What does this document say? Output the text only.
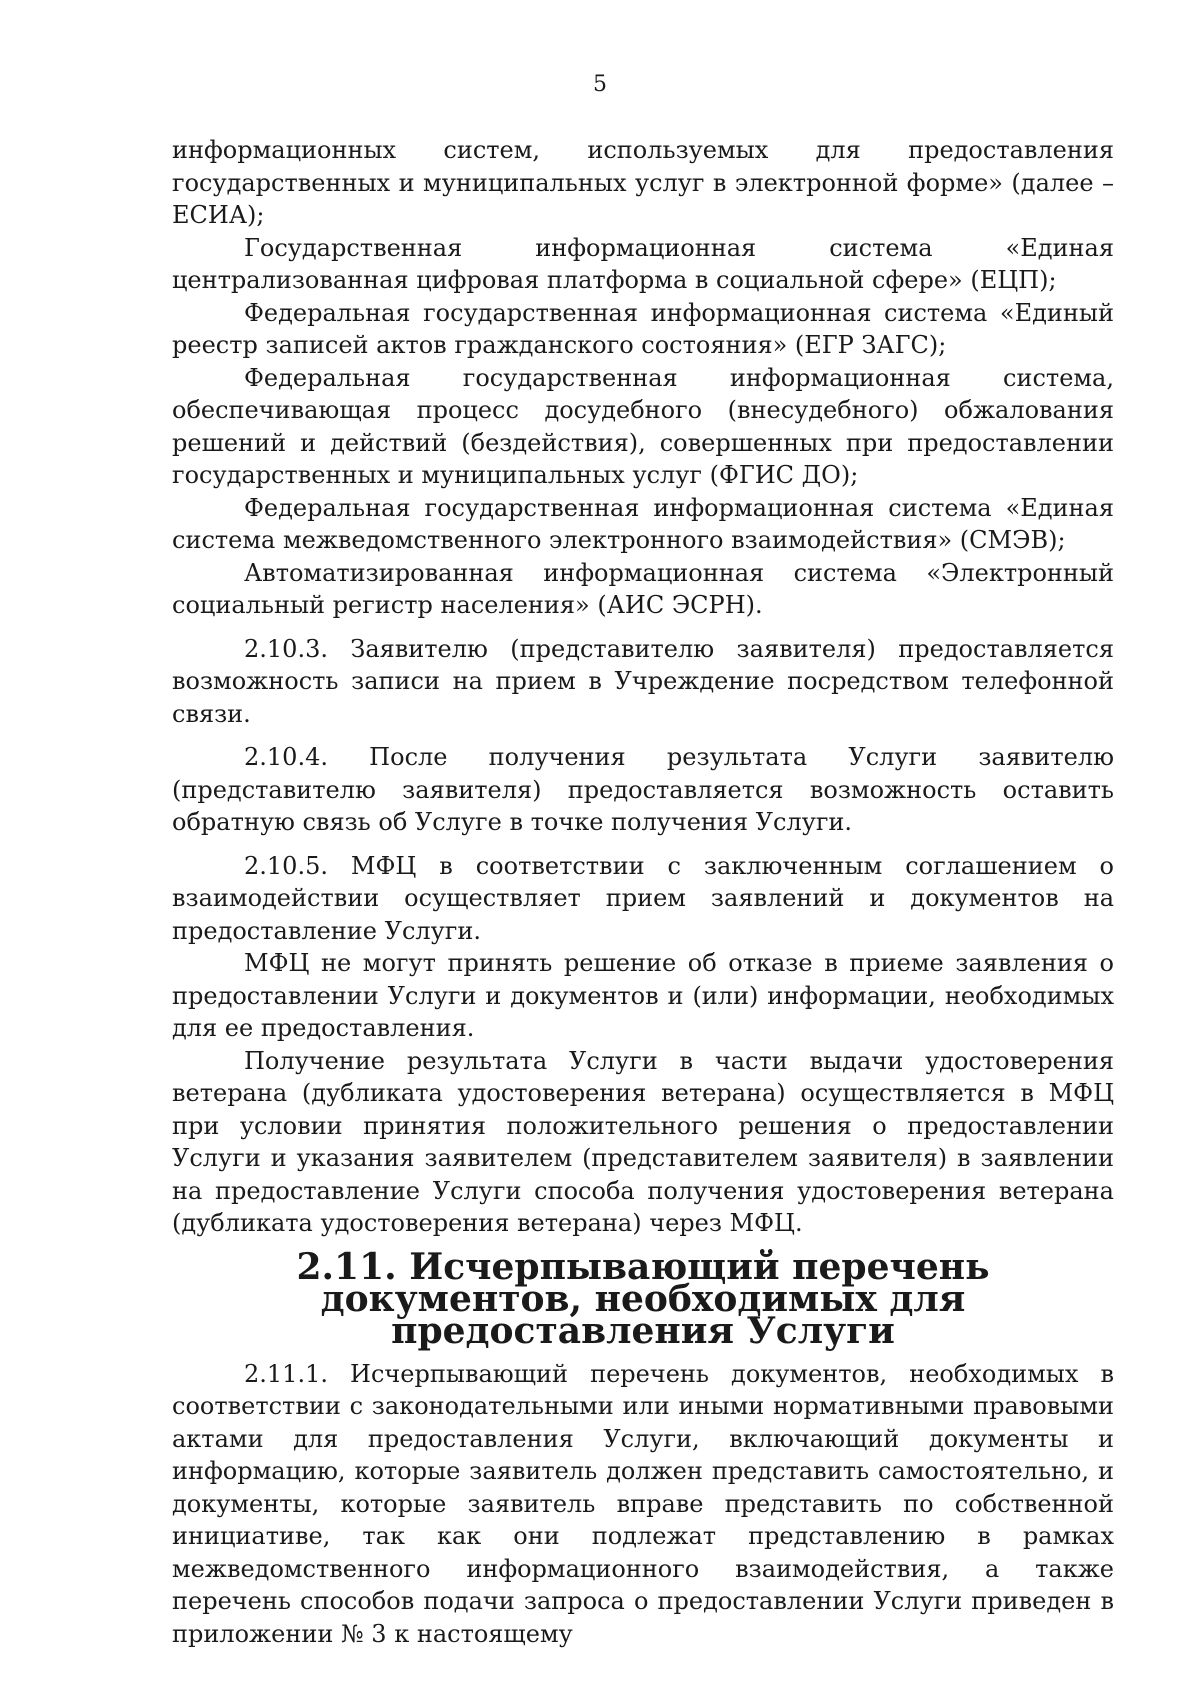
5

информационных систем, используемых для предоставления государственных и муниципальных услуг в электронной форме» (далее – ЕСИА);

Государственная информационная система «Единая централизованная цифровая платформа в социальной сфере» (ЕЦП);

Федеральная государственная информационная система «Единый реестр записей актов гражданского состояния» (ЕГР ЗАГС);

Федеральная государственная информационная система, обеспечивающая процесс досудебного (внесудебного) обжалования решений и действий (бездействия), совершенных при предоставлении государственных и муниципальных услуг (ФГИС ДО);

Федеральная государственная информационная система «Единая система межведомственного электронного взаимодействия» (СМЭВ);

Автоматизированная информационная система «Электронный социальный регистр населения» (АИС ЭСРН).

2.10.3. Заявителю (представителю заявителя) предоставляется возможность записи на прием в Учреждение посредством телефонной связи.

2.10.4. После получения результата Услуги заявителю (представителю заявителя) предоставляется возможность оставить обратную связь об Услуге в точке получения Услуги.

2.10.5. МФЦ в соответствии с заключенным соглашением о взаимодействии осуществляет прием заявлений и документов на предоставление Услуги.

МФЦ не могут принять решение об отказе в приеме заявления о предоставлении Услуги и документов и (или) информации, необходимых для ее предоставления.

Получение результата Услуги в части выдачи удостоверения ветерана (дубликата удостоверения ветерана) осуществляется в МФЦ при условии принятия положительного решения о предоставлении Услуги и указания заявителем (представителем заявителя) в заявлении на предоставление Услуги способа получения удостоверения ветерана (дубликата удостоверения ветерана) через МФЦ.

2.11. Исчерпывающий перечень документов, необходимых для
предоставления Услуги

2.11.1. Исчерпывающий перечень документов, необходимых в соответствии с законодательными или иными нормативными правовыми актами для предоставления Услуги, включающий документы и информацию, которые заявитель должен представить самостоятельно, и документы, которые заявитель вправе представить по собственной инициативе, так как они подлежат представлению в рамках межведомственного информационного взаимодействия, а также перечень способов подачи запроса о предоставлении Услуги приведен в приложении № 3 к настоящему
